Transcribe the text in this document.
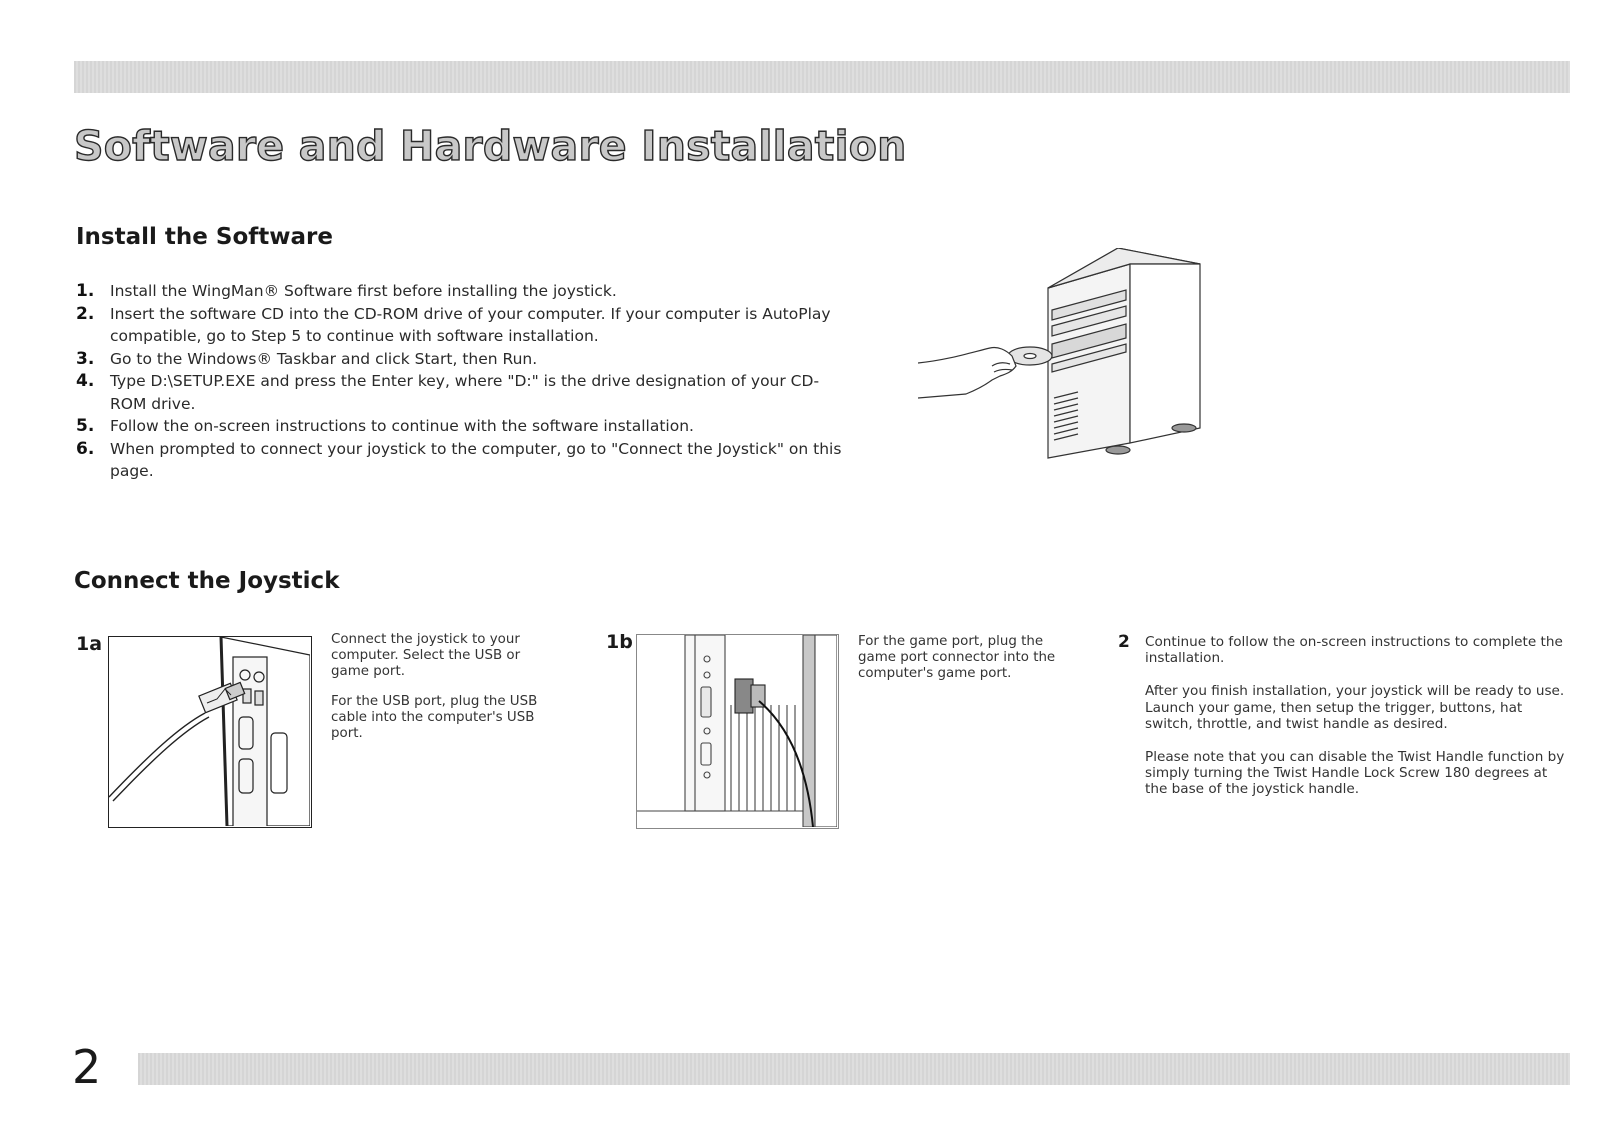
Software and Hardware Installation
Install the Software
1.	Install the WingMan® Software first before installing the joystick.
2.	Insert the software CD into the CD-ROM drive of your computer. If your computer is AutoPlay compatible, go to Step 5 to continue with software installation.
3.	Go to the Windows® Taskbar and click Start, then Run.
4.	Type D:\SETUP.EXE and press the Enter key, where "D:" is the drive designation of your CD-ROM drive.
5.	Follow the on-screen instructions to continue with the software installation.
6.	When prompted to connect your joystick to the computer, go to "Connect the Joystick" on this page.
Connect the Joystick
1a	Connect the joystick to your computer. Select the USB or game port.

For the USB port, plug the USB cable into the computer's USB port.

1b	For the game port, plug the game port connector into the computer's game port.

2 Continue to follow the on-screen instructions to complete the installation.

After you finish installation, your joystick will be ready to use. Launch your game, then setup the trigger, buttons, hat switch, throttle, and twist handle as desired.

Please note that you can disable the Twist Handle function by simply turning the Twist Handle Lock Screw 180 degrees at the base of the joystick handle.

2
